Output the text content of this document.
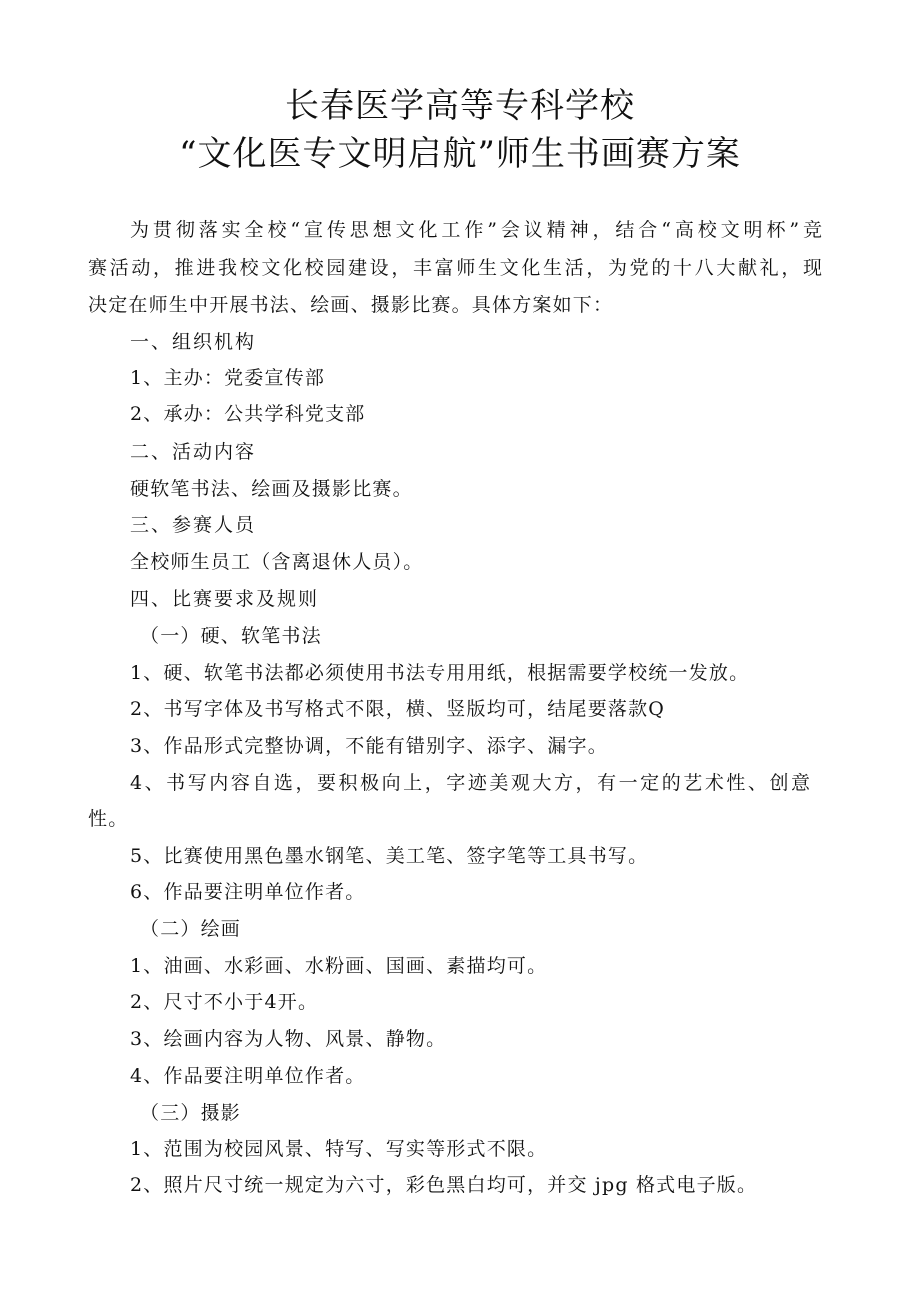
长春医学高等专科学校
“文化医专文明启航”师生书画赛方案
为贯彻落实全校“宣传思想文化工作”会议精神，结合“高校文明杯”竞
赛活动，推进我校文化校园建设，丰富师生文化生活，为党的十八大献礼，现
决定在师生中开展书法、绘画、摄影比赛。具体方案如下：
一、组织机构
1、主办：党委宣传部
2、承办：公共学科党支部
二、活动内容
硬软笔书法、绘画及摄影比赛。
三、参赛人员
全校师生员工（含离退休人员）。
四、比赛要求及规则
（一）硬、软笔书法
1、硬、软笔书法都必须使用书法专用用纸，根据需要学校统一发放。
2、书写字体及书写格式不限，横、竖版均可，结尾要落款Q
3、作品形式完整协调，不能有错别字、添字、漏字。
4、书写内容自选，要积极向上，字迹美观大方，有一定的艺术性、创意
性。
5、比赛使用黑色墨水钢笔、美工笔、签字笔等工具书写。
6、作品要注明单位作者。
（二）绘画
1、油画、水彩画、水粉画、国画、素描均可。
2、尺寸不小于4开。
3、绘画内容为人物、风景、静物。
4、作品要注明单位作者。
（三）摄影
1、范围为校园风景、特写、写实等形式不限。
2、照片尺寸统一规定为六寸，彩色黑白均可，并交 jpg 格式电子版。
